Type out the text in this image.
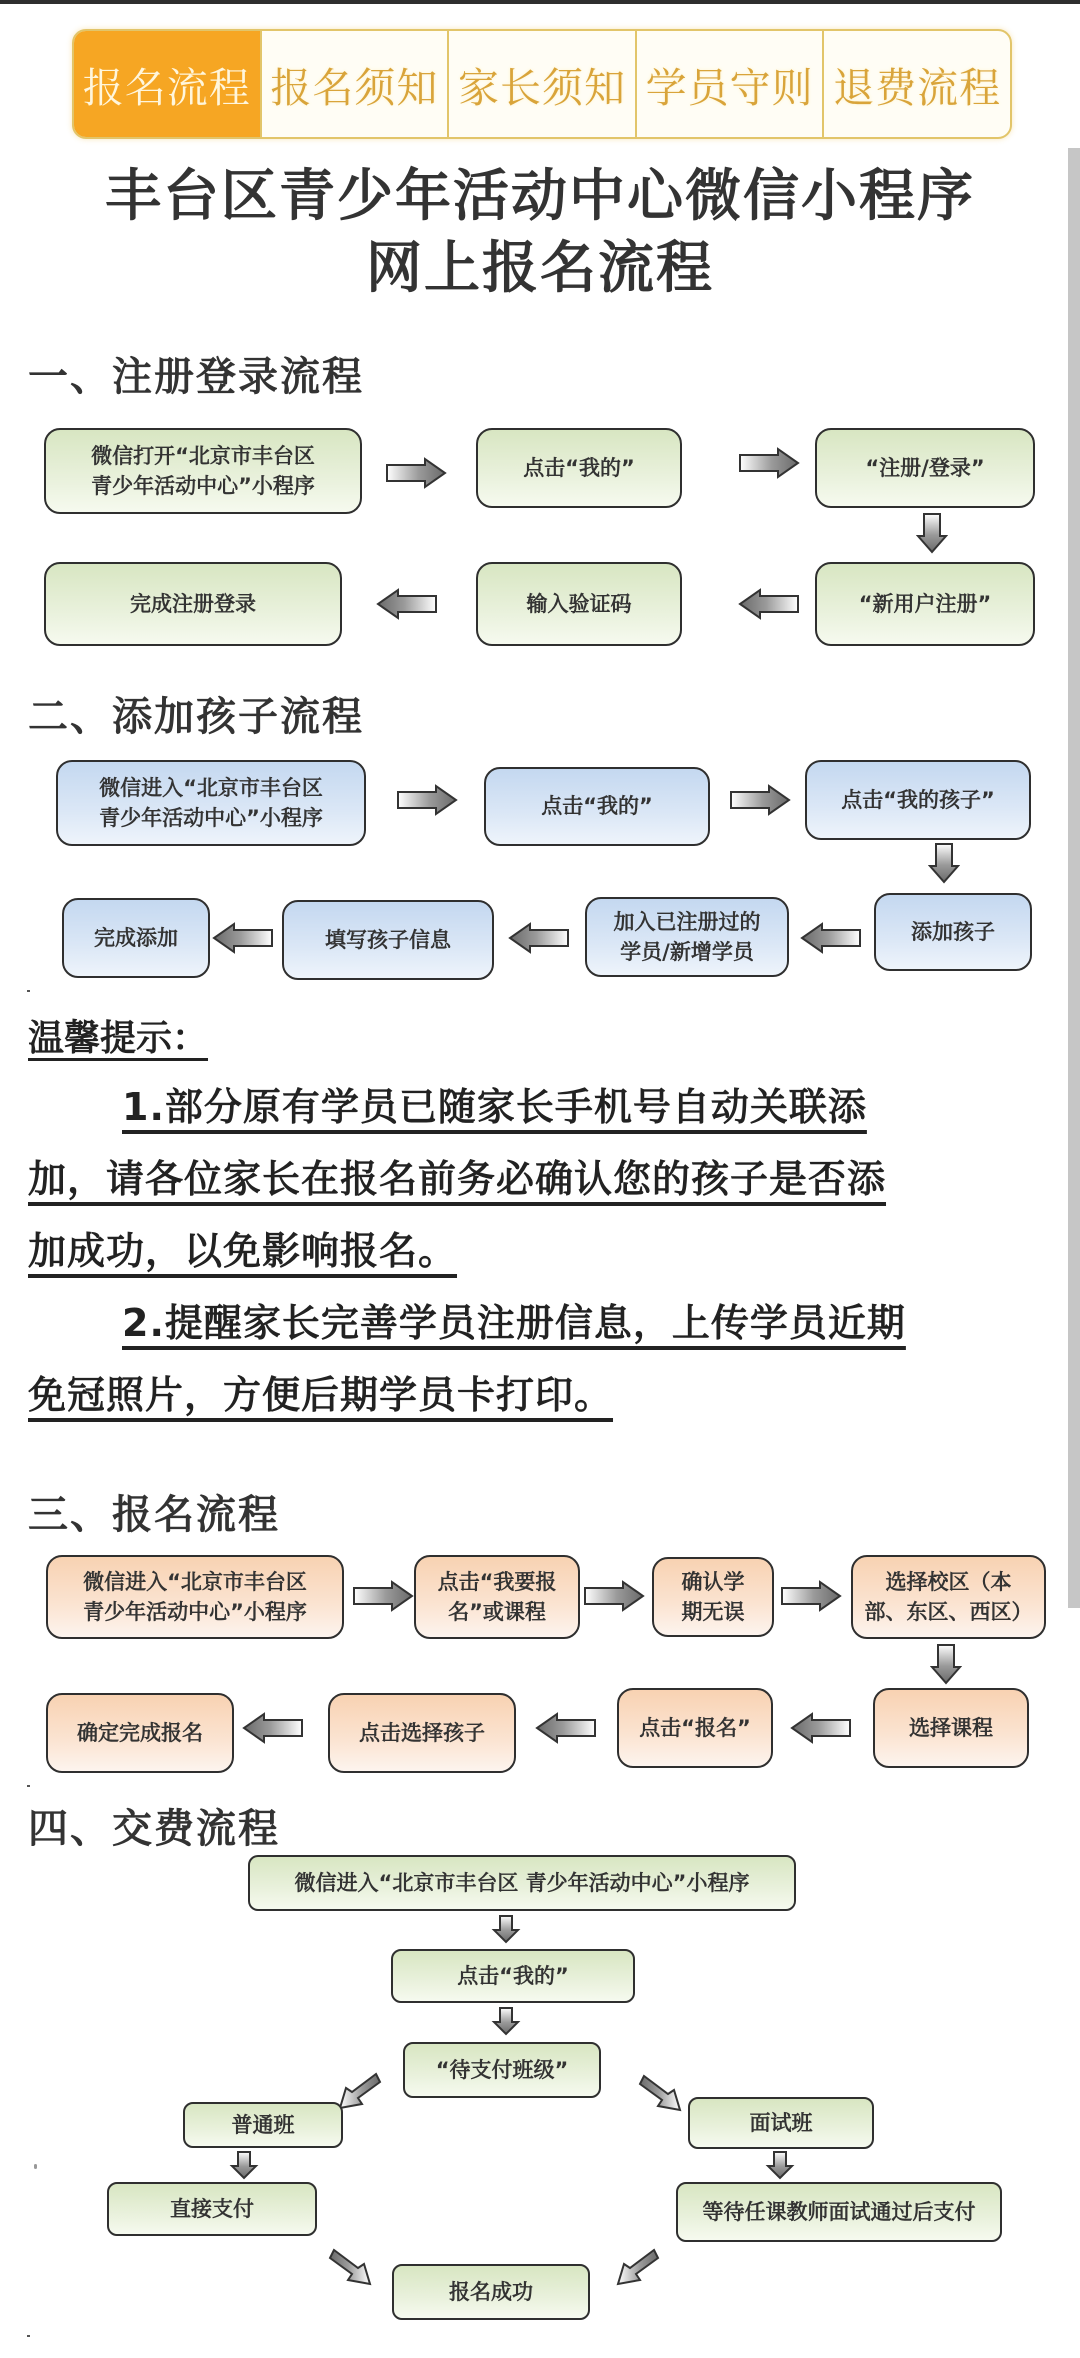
报名流程 报名须知 家长须知 学员守则 退费流程
丰台区青少年活动中心微信小程序
网上报名流程
一、注册登录流程
微信打开“北京市丰台区
青少年活动中心”小程序
点击“我的”	“注册/登录”
“新用户注册”
输入验证码
完成注册登录
二、添加孩子流程
微信进入“北京市丰台区
青少年活动中心”小程序	点击“我的”	点击“我的孩子”
添加孩子
加入已注册过的
学员/新增学员
填写孩子信息
完成添加
温馨提示：
1.部分原有学员已随家长手机号自动关联添
加，请各位家长在报名前务必确认您的孩子是否添
加成功，以免影响报名。
2.提醒家长完善学员注册信息，上传学员近期
免冠照片，方便后期学员卡打印。
三、报名流程
微信进入“北京市丰台区
青少年活动中心”小程序
点击“我要报
名”或课程
确认学
期无误
选择校区（本
部、东区、西区）
选择课程
点击“报名”
点击选择孩子
确定完成报名
四、交费流程
微信进入“北京市丰台区 青少年活动中心”小程序
点击“我的”
“待支付班级”
普通班	面试班
直接支付	等待任课教师面试通过后支付
报名成功
